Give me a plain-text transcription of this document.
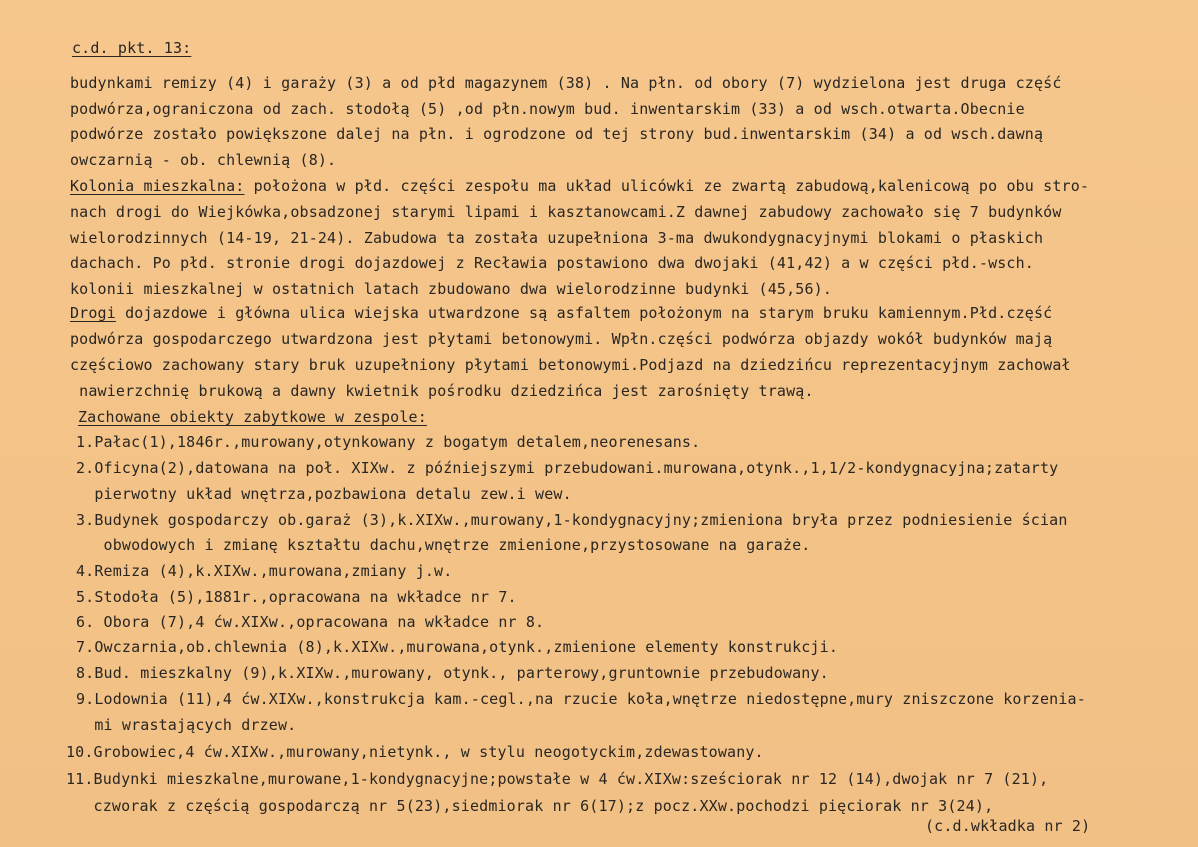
c.d. pkt. 13:
budynkami remizy (4) i garaży (3) a od płd magazynem (38) . Na płn. od obory (7) wydzielona jest druga część
podwórza,ograniczona od zach. stodołą (5) ,od płn.nowym bud. inwentarskim (33) a od wsch.otwarta.Obecnie
podwórze zostało powiększone dalej na płn. i ogrodzone od tej strony bud.inwentarskim (34) a od wsch.dawną
owczarnią - ob. chlewnią (8).
Kolonia mieszkalna: położona w płd. części zespołu ma układ ulicówki ze zwartą zabudową,kalenicową po obu stro-
nach drogi do Wiejkówka,obsadzonej starymi lipami i kasztanowcami.Z dawnej zabudowy zachowało się 7 budynków
wielorodzinnych (14-19, 21-24). Zabudowa ta została uzupełniona 3-ma dwukondygnacyjnymi blokami o płaskich
dachach. Po płd. stronie drogi dojazdowej z Recławia postawiono dwa dwojaki (41,42) a w części płd.-wsch.
kolonii mieszkalnej w ostatnich latach zbudowano dwa wielorodzinne budynki (45,56).
Drogi dojazdowe i główna ulica wiejska utwardzone są asfaltem położonym na starym bruku kamiennym.Płd.część
podwórza gospodarczego utwardzona jest płytami betonowymi. Wpłn.części podwórza objazdy wokół budynków mają
częściowo zachowany stary bruk uzupełniony płytami betonowymi.Podjazd na dziedzińcu reprezentacyjnym zachował
nawierzchnię brukową a dawny kwietnik pośrodku dziedzińca jest zarośnięty trawą.
Zachowane obiekty zabytkowe w zespole:
1.Pałac(1),1846r.,murowany,otynkowany z bogatym detalem,neorenesans.
2.Oficyna(2),datowana na poł. XIXw. z późniejszymi przebudowani.murowana,otynk.,1,1/2-kondygnacyjna;zatarty
pierwotny układ wnętrza,pozbawiona detalu zew.i wew.
3.Budynek gospodarczy ob.garaż (3),k.XIXw.,murowany,1-kondygnacyjny;zmieniona bryła przez podniesienie ścian
obwodowych i zmianę kształtu dachu,wnętrze zmienione,przystosowane na garaże.
4.Remiza (4),k.XIXw.,murowana,zmiany j.w.
5.Stodoła (5),1881r.,opracowana na wkładce nr 7.
6. Obora (7),4 ćw.XIXw.,opracowana na wkładce nr 8.
7.Owczarnia,ob.chlewnia (8),k.XIXw.,murowana,otynk.,zmienione elementy konstrukcji.
8.Bud. mieszkalny (9),k.XIXw.,murowany, otynk., parterowy,gruntownie przebudowany.
9.Lodownia (11),4 ćw.XIXw.,konstrukcja kam.-cegl.,na rzucie koła,wnętrze niedostępne,mury zniszczone korzenia-
mi wrastających drzew.
10.Grobowiec,4 ćw.XIXw.,murowany,nietynk., w stylu neogotyckim,zdewastowany.
11.Budynki mieszkalne,murowane,1-kondygnacyjne;powstałe w 4 ćw.XIXw:sześciorak nr 12 (14),dwojak nr 7 (21),
czworak z częścią gospodarczą nr 5(23),siedmiorak nr 6(17);z pocz.XXw.pochodzi pięciorak nr 3(24),
(c.d.wkładka nr 2)
